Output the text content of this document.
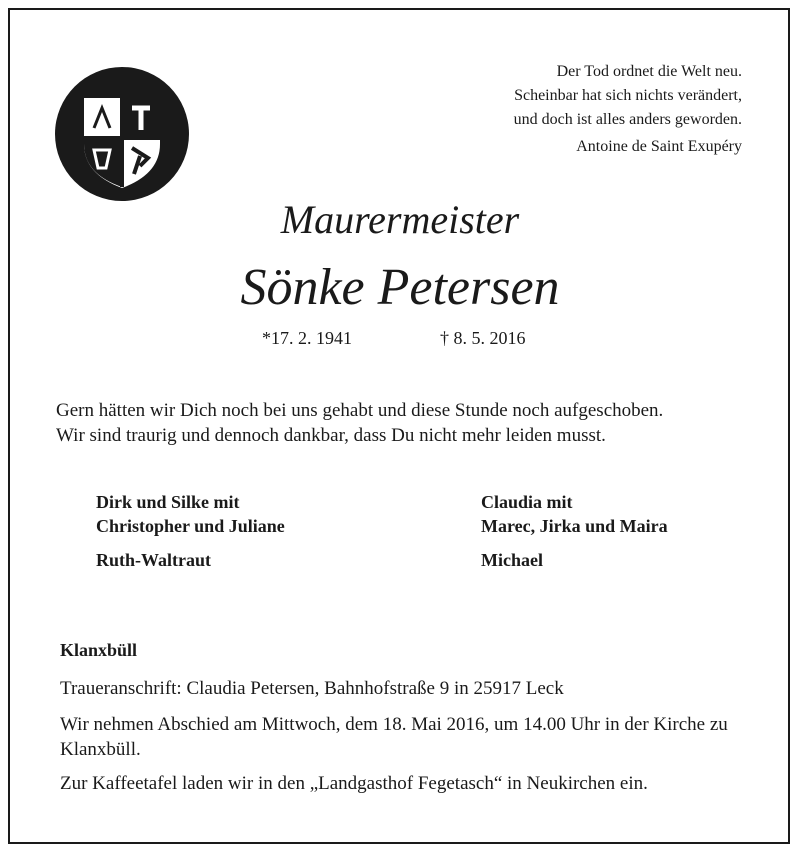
Der Tod ordnet die Welt neu.
Scheinbar hat sich nichts verändert,
und doch ist alles anders geworden.
Antoine de Saint Exupéry
Maurermeister
Sönke Petersen
*17. 2. 1941	† 8. 5. 2016
Gern hätten wir Dich noch bei uns gehabt und diese Stunde noch aufgeschoben.
Wir sind traurig und dennoch dankbar, dass Du nicht mehr leiden musst.
Dirk und Silke mit
Christopher und Juliane
Ruth-Waltraut
Claudia mit
Marec, Jirka und Maira
Michael
Klanxbüll
Traueranschrift: Claudia Petersen, Bahnhofstraße 9 in 25917 Leck
Wir nehmen Abschied am Mittwoch, dem 18. Mai 2016, um 14.00 Uhr in der Kirche zu Klanxbüll.
Zur Kaffeetafel laden wir in den „Landgasthof Fegetasch“ in Neukirchen ein.
